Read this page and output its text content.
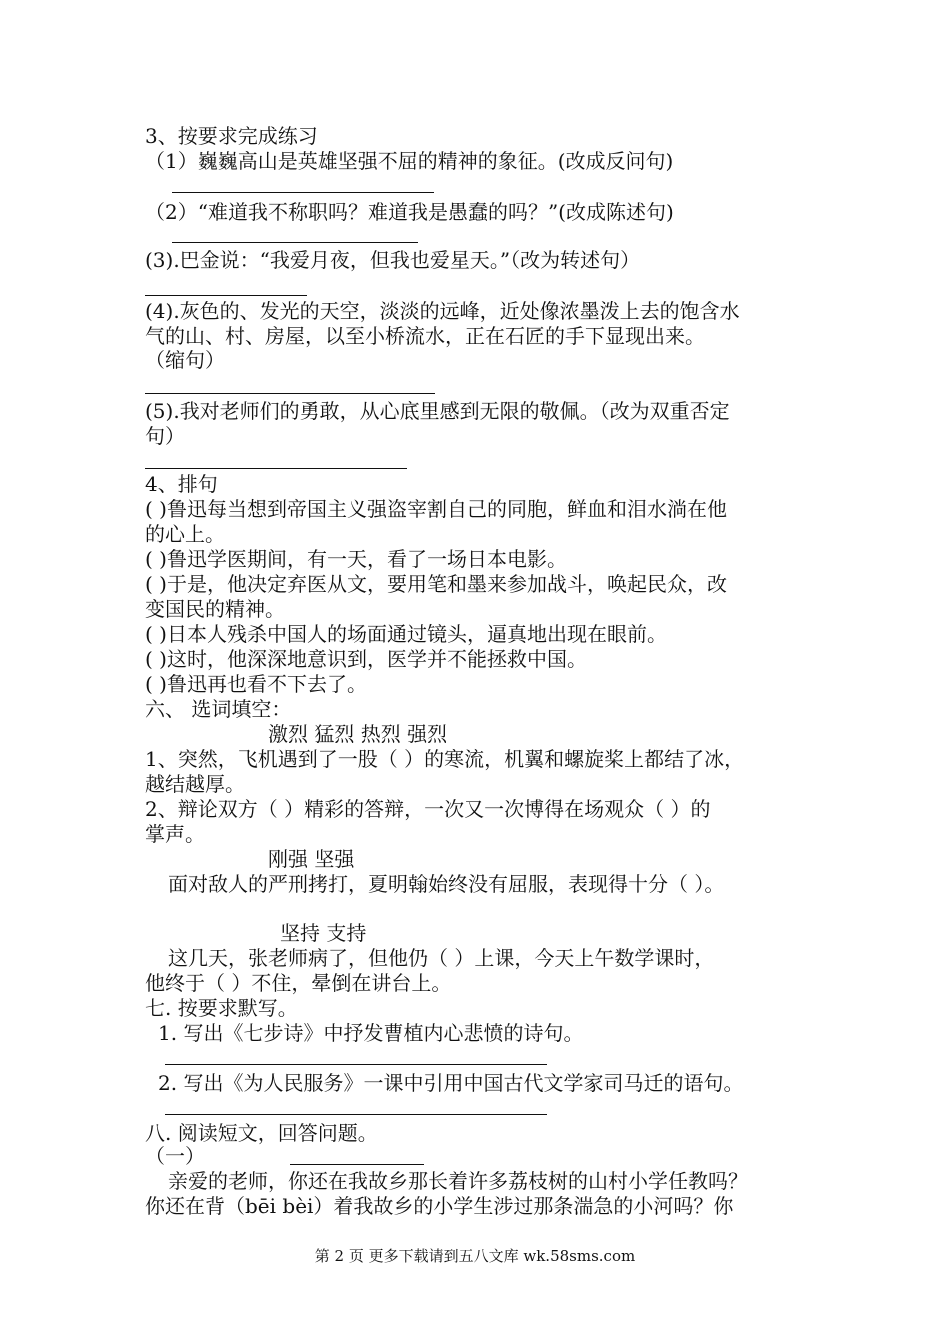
3、按要求完成练习
（1）巍巍高山是英雄坚强不屈的精神的象征。(改成反问句)
（2）“难道我不称职吗？难道我是愚蠢的吗？”(改成陈述句)
(3).巴金说：“我爱月夜，但我也爱星天。”（改为转述句）
(4).灰色的、发光的天空，淡淡的远峰，近处像浓墨泼上去的饱含水
气的山、村、房屋，以至小桥流水，正在石匠的手下显现出来。
（缩句）
(5).我对老师们的勇敢，从心底里感到无限的敬佩。（改为双重否定
句）
4、排句
( )鲁迅每当想到帝国主义强盗宰割自己的同胞，鲜血和泪水淌在他
的心上。
( )鲁迅学医期间，有一天，看了一场日本电影。
( )于是，他决定弃医从文，要用笔和墨来参加战斗，唤起民众，改
变国民的精神。
( )日本人残杀中国人的场面通过镜头，逼真地出现在眼前。
( )这时，他深深地意识到，医学并不能拯救中国。
( )鲁迅再也看不下去了。
六、 选词填空：
激烈 猛烈 热烈 强烈
1、突然，飞机遇到了一股（ ）的寒流，机翼和螺旋桨上都结了冰，
越结越厚。
2、辩论双方（ ）精彩的答辩，一次又一次博得在场观众（ ）的
掌声。
刚强 坚强
面对敌人的严刑拷打，夏明翰始终没有屈服，表现得十分（ ）。
坚持 支持
这几天，张老师病了，但他仍（ ）上课，今天上午数学课时，
他终于（ ）不住，晕倒在讲台上。
七. 按要求默写。
1. 写出《七步诗》中抒发曹植内心悲愤的诗句。
2. 写出《为人民服务》一课中引用中国古代文学家司马迁的语句。
八. 阅读短文，回答问题。
（一）
亲爱的老师，你还在我故乡那长着许多荔枝树的山村小学任教吗？
你还在背（bēi bèi）着我故乡的小学生涉过那条湍急的小河吗？你
第 2 页 更多下载请到五八文库 wk.58sms.com
